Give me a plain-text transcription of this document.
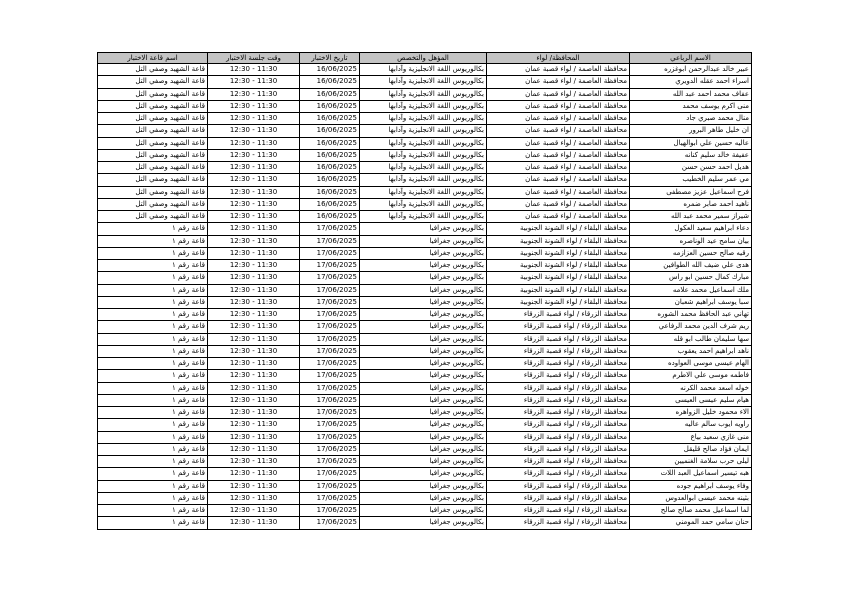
الاسم الرباعي
المحافظة/ لواء
المؤهل والتخصص
تاريخ الاختبار
وقت جلسة الاختبار
اسم قاعة الاختبار
عبير خالد عبدالرحمن ابوغزره
محافظة العاصمة / لواء قصبة عمان
بكالوريوس اللغة الانجليزية وآدابها
16/06/2025
11:30 - 12:30
قاعة الشهيد وصفي التل
اسراء احمد عقله الدويري
محافظة العاصمة / لواء قصبة عمان
بكالوريوس اللغة الانجليزية وآدابها
16/06/2025
11:30 - 12:30
قاعة الشهيد وصفي التل
عفاف محمد احمد عبد الله
محافظة العاصمة / لواء قصبة عمان
بكالوريوس اللغة الانجليزية وآدابها
16/06/2025
11:30 - 12:30
قاعة الشهيد وصفي التل
منى اكرم يوسف محمد
محافظة العاصمة / لواء قصبة عمان
بكالوريوس اللغة الانجليزية وآدابها
16/06/2025
11:30 - 12:30
قاعة الشهيد وصفي التل
منال محمد صبري جاد
محافظة العاصمة / لواء قصبة عمان
بكالوريوس اللغة الانجليزية وآدابها
16/06/2025
11:30 - 12:30
قاعة الشهيد وصفي التل
ان خليل طاهر البرور
محافظة العاصمة / لواء قصبة عمان
بكالوريوس اللغة الانجليزية وآدابها
16/06/2025
11:30 - 12:30
قاعة الشهيد وصفي التل
عاليه حسين علي ابوالهيال
محافظة العاصمة / لواء قصبة عمان
بكالوريوس اللغة الانجليزية وآدابها
16/06/2025
11:30 - 12:30
قاعة الشهيد وصفي التل
عفيفة خالد سليم كنانه
محافظة العاصمة / لواء قصبة عمان
بكالوريوس اللغة الانجليزية وآدابها
16/06/2025
11:30 - 12:30
قاعة الشهيد وصفي التل
هديل احمد حسن حسن
محافظة العاصمة / لواء قصبة عمان
بكالوريوس اللغة الانجليزية وآدابها
16/06/2025
11:30 - 12:30
قاعة الشهيد وصفي التل
مي عمر سليم الخطيب
محافظة العاصمة / لواء قصبة عمان
بكالوريوس اللغة الانجليزية وآدابها
16/06/2025
11:30 - 12:30
قاعة الشهيد وصفي التل
فرح اسماعيل عزيز مصطفى
محافظة العاصمة / لواء قصبة عمان
بكالوريوس اللغة الانجليزية وآدابها
16/06/2025
11:30 - 12:30
قاعة الشهيد وصفي التل
ناهيد احمد صابر ضمره
محافظة العاصمة / لواء قصبة عمان
بكالوريوس اللغة الانجليزية وآدابها
16/06/2025
11:30 - 12:30
قاعة الشهيد وصفي التل
شيراز سمير محمد عبد الله
محافظة العاصمة / لواء قصبة عمان
بكالوريوس اللغة الانجليزية وآدابها
16/06/2025
11:30 - 12:30
قاعة الشهيد وصفي التل
دعاء ابراهيم سعيد العكول
محافظة البلقاء / لواء الشونة الجنوبية
بكالوريوس جغرافيا
17/06/2025
11:30 - 12:30
قاعة رقم ١
بيان سامح عيد الوناصره
محافظة البلقاء / لواء الشونة الجنوبية
بكالوريوس جغرافيا
17/06/2025
11:30 - 12:30
قاعة رقم ١
رقيه صالح حسين العزازمه
محافظة البلقاء / لواء الشونة الجنوبية
بكالوريوس جغرافيا
17/06/2025
11:30 - 12:30
قاعة رقم ١
هدى علي ضيف الله الطوافين
محافظة البلقاء / لواء الشونة الجنوبية
بكالوريوس جغرافيا
17/06/2025
11:30 - 12:30
قاعة رقم ١
مبارك كمال حسين ابو راس
محافظة البلقاء / لواء الشونة الجنوبية
بكالوريوس جغرافيا
17/06/2025
11:30 - 12:30
قاعة رقم ١
ملك اسماعيل محمد علامه
محافظة البلقاء / لواء الشونة الجنوبية
بكالوريوس جغرافيا
17/06/2025
11:30 - 12:30
قاعة رقم ١
سبا يوسف ابراهيم شعبان
محافظة البلقاء / لواء الشونة الجنوبية
بكالوريوس جغرافيا
17/06/2025
11:30 - 12:30
قاعة رقم ١
تهاني عبد الحافظ محمد الشوره
محافظة الزرقاء / لواء قصبة الزرقاء
بكالوريوس جغرافيا
17/06/2025
11:30 - 12:30
قاعة رقم ١
ريم شرف الدين محمد الرفاعي
محافظة الزرقاء / لواء قصبة الزرقاء
بكالوريوس جغرافيا
17/06/2025
11:30 - 12:30
قاعة رقم ١
سها سليمان طالب ابو قله
محافظة الزرقاء / لواء قصبة الزرقاء
بكالوريوس جغرافيا
17/06/2025
11:30 - 12:30
قاعة رقم ١
ناهد ابراهيم احمد يعقوب
محافظة الزرقاء / لواء قصبة الزرقاء
بكالوريوس جغرافيا
17/06/2025
11:30 - 12:30
قاعة رقم ١
الهام عيسى موسى العواوده
محافظة الزرقاء / لواء قصبة الزرقاء
بكالوريوس جغرافيا
17/06/2025
11:30 - 12:30
قاعة رقم ١
فاطمه موسى علي الاطرم
محافظة الزرقاء / لواء قصبة الزرقاء
بكالوريوس جغرافيا
17/06/2025
11:30 - 12:30
قاعة رقم ١
خوله اسعد محمد الكرنه
محافظة الزرقاء / لواء قصبة الزرقاء
بكالوريوس جغرافيا
17/06/2025
11:30 - 12:30
قاعة رقم ١
هيام سليم عيسى العيسى
محافظة الزرقاء / لواء قصبة الزرقاء
بكالوريوس جغرافيا
17/06/2025
11:30 - 12:30
قاعة رقم ١
الاء محمود خليل الزواهره
محافظة الزرقاء / لواء قصبة الزرقاء
بكالوريوس جغرافيا
17/06/2025
11:30 - 12:30
قاعة رقم ١
راويه ايوب سالم عاليه
محافظة الزرقاء / لواء قصبة الزرقاء
بكالوريوس جغرافيا
17/06/2025
11:30 - 12:30
قاعة رقم ١
منى غازي سعيد بياع
محافظة الزرقاء / لواء قصبة الزرقاء
بكالوريوس جغرافيا
17/06/2025
11:30 - 12:30
قاعة رقم ١
ايمان فؤاد صالح قليقل
محافظة الزرقاء / لواء قصبة الزرقاء
بكالوريوس جغرافيا
17/06/2025
11:30 - 12:30
قاعة رقم ١
ليلى حرب سلامة الغنميين
محافظة الزرقاء / لواء قصبة الزرقاء
بكالوريوس جغرافيا
17/06/2025
11:30 - 12:30
قاعة رقم ١
هبه تيسير اسماعيل العبد اللات
محافظة الزرقاء / لواء قصبة الزرقاء
بكالوريوس جغرافيا
17/06/2025
11:30 - 12:30
قاعة رقم ١
وفاء يوسف ابراهيم جوده
محافظة الزرقاء / لواء قصبة الزرقاء
بكالوريوس جغرافيا
17/06/2025
11:30 - 12:30
قاعة رقم ١
بثينه محمد عيسى ابوالعدوس
محافظة الزرقاء / لواء قصبة الزرقاء
بكالوريوس جغرافيا
17/06/2025
11:30 - 12:30
قاعة رقم ١
لما اسماعيل محمد صالح صالح
محافظة الزرقاء / لواء قصبة الزرقاء
بكالوريوس جغرافيا
17/06/2025
11:30 - 12:30
قاعة رقم ١
حنان سامي حمد المومني
محافظة الزرقاء / لواء قصبة الزرقاء
بكالوريوس جغرافيا
17/06/2025
11:30 - 12:30
قاعة رقم ١
